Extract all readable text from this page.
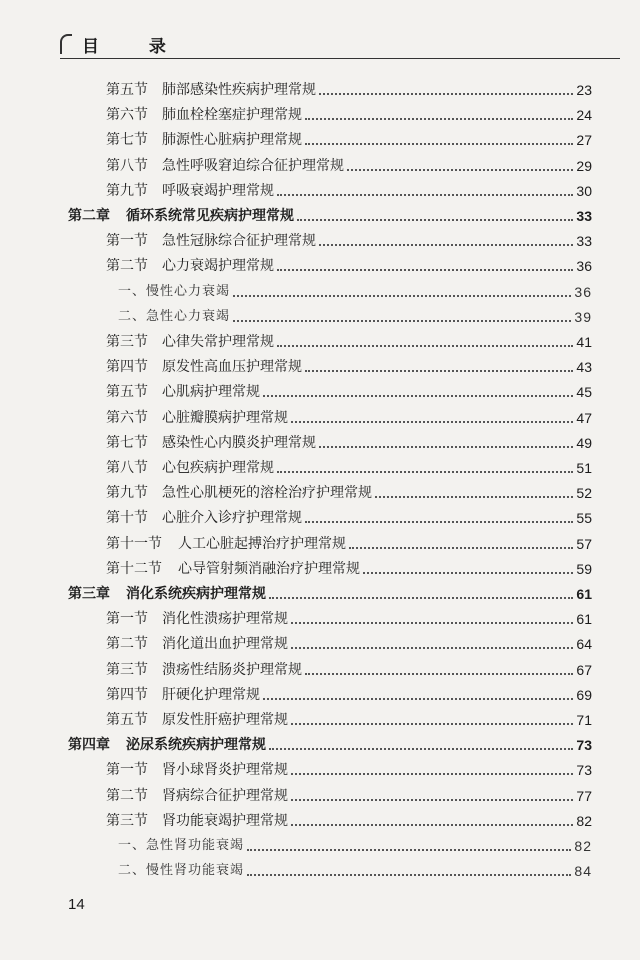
目 录
第五节 肺部感染性疾病护理常规	23
第六节 肺血栓栓塞症护理常规	24
第七节 肺源性心脏病护理常规	27
第八节 急性呼吸窘迫综合征护理常规	29
第九节 呼吸衰竭护理常规	30
第二章 循环系统常见疾病护理常规	33
第一节 急性冠脉综合征护理常规	33
第二节 心力衰竭护理常规	36
一、慢性心力衰竭	36
二、急性心力衰竭	39
第三节 心律失常护理常规	41
第四节 原发性高血压护理常规	43
第五节 心肌病护理常规	45
第六节 心脏瓣膜病护理常规	47
第七节 感染性心内膜炎护理常规	49
第八节 心包疾病护理常规	51
第九节 急性心肌梗死的溶栓治疗护理常规	52
第十节 心脏介入诊疗护理常规	55
第十一节 人工心脏起搏治疗护理常规	57
第十二节 心导管射频消融治疗护理常规	59
第三章 消化系统疾病护理常规	61
第一节 消化性溃疡护理常规	61
第二节 消化道出血护理常规	64
第三节 溃疡性结肠炎护理常规	67
第四节 肝硬化护理常规	69
第五节 原发性肝癌护理常规	71
第四章 泌尿系统疾病护理常规	73
第一节 肾小球肾炎护理常规	73
第二节 肾病综合征护理常规	77
第三节 肾功能衰竭护理常规	82
一、急性肾功能衰竭	82
二、慢性肾功能衰竭	84
14
